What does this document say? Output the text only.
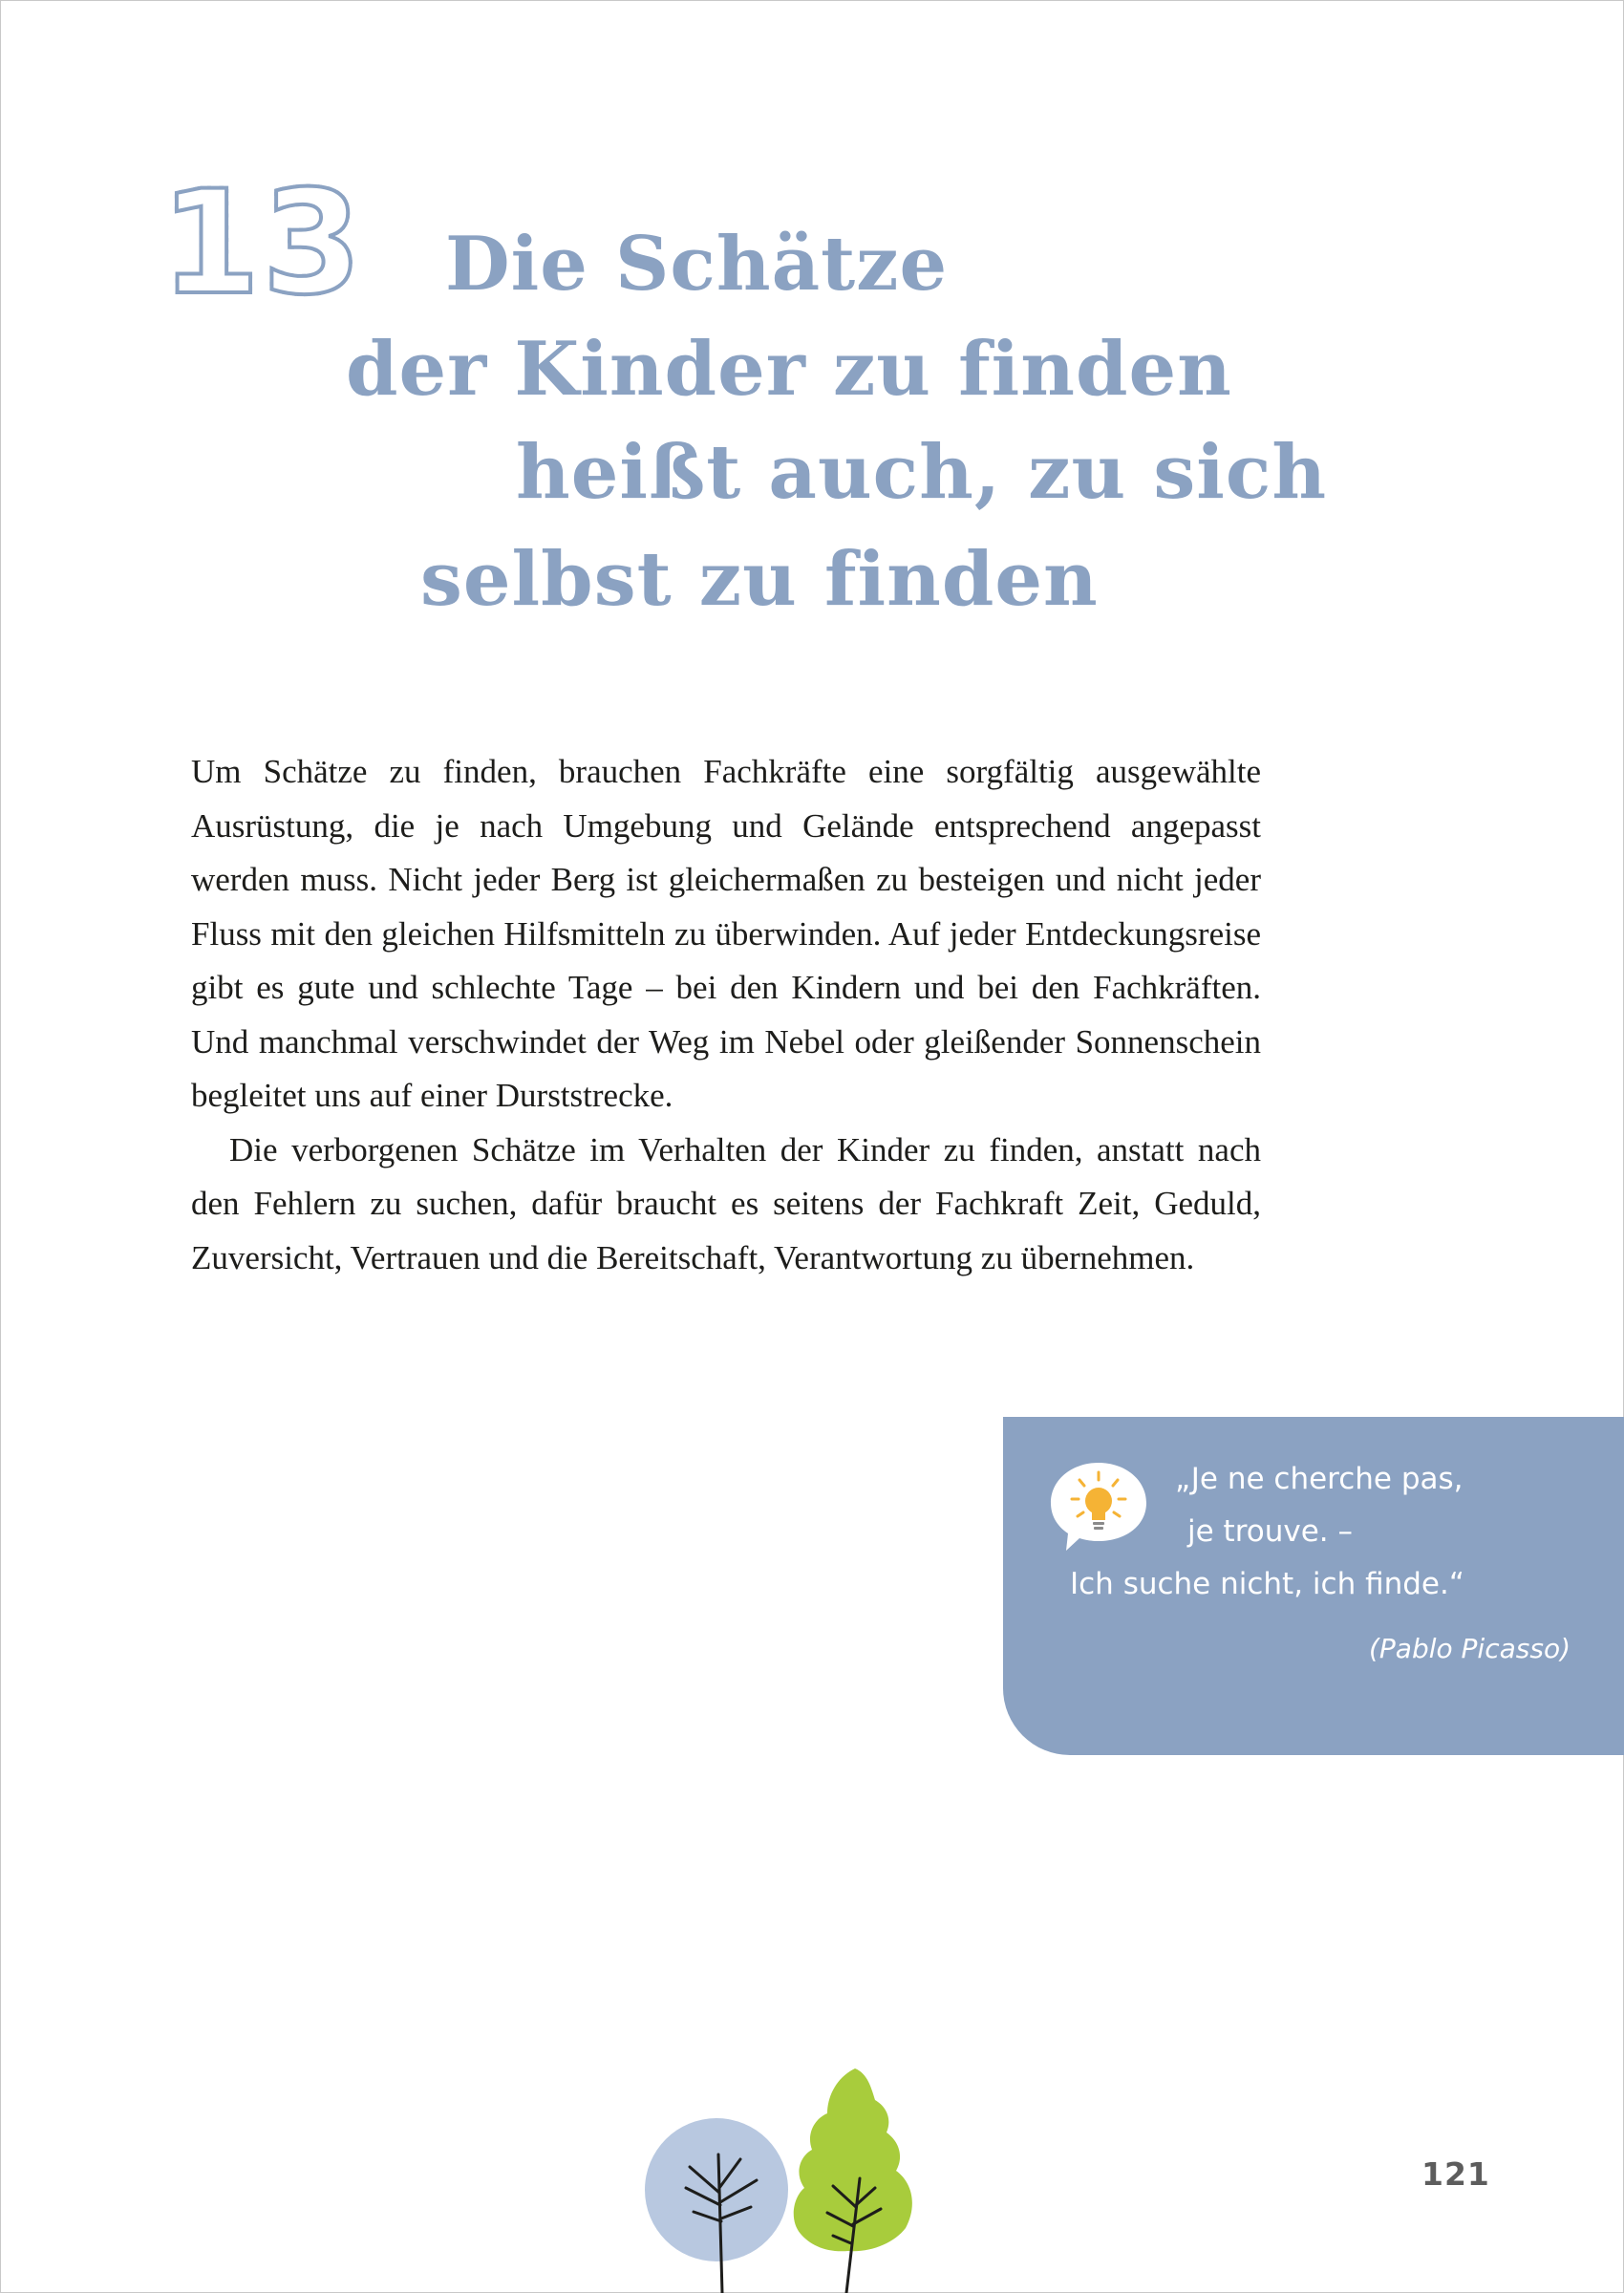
13 Die Schätze
der Kinder zu finden
heißt auch, zu sich
selbst zu finden

Um Schätze zu finden, brauchen Fachkräfte eine sorgfältig ausgewählte Ausrüstung, die je nach Umgebung und Gelände entsprechend angepasst werden muss. Nicht jeder Berg ist gleichermaßen zu besteigen und nicht jeder Fluss mit den gleichen Hilfsmitteln zu überwinden. Auf jeder Entdeckungsreise gibt es gute und schlechte Tage – bei den Kindern und bei den Fachkräften. Und manchmal verschwindet der Weg im Nebel oder gleißender Sonnenschein begleitet uns auf einer Durststrecke.

Die verborgenen Schätze im Verhalten der Kinder zu finden, anstatt nach den Fehlern zu suchen, dafür braucht es seitens der Fachkraft Zeit, Geduld, Zuversicht, Vertrauen und die Bereitschaft, Verantwortung zu übernehmen.

„Je ne cherche pas,
je trouve. –
Ich suche nicht, ich finde.“
(Pablo Picasso)
121
